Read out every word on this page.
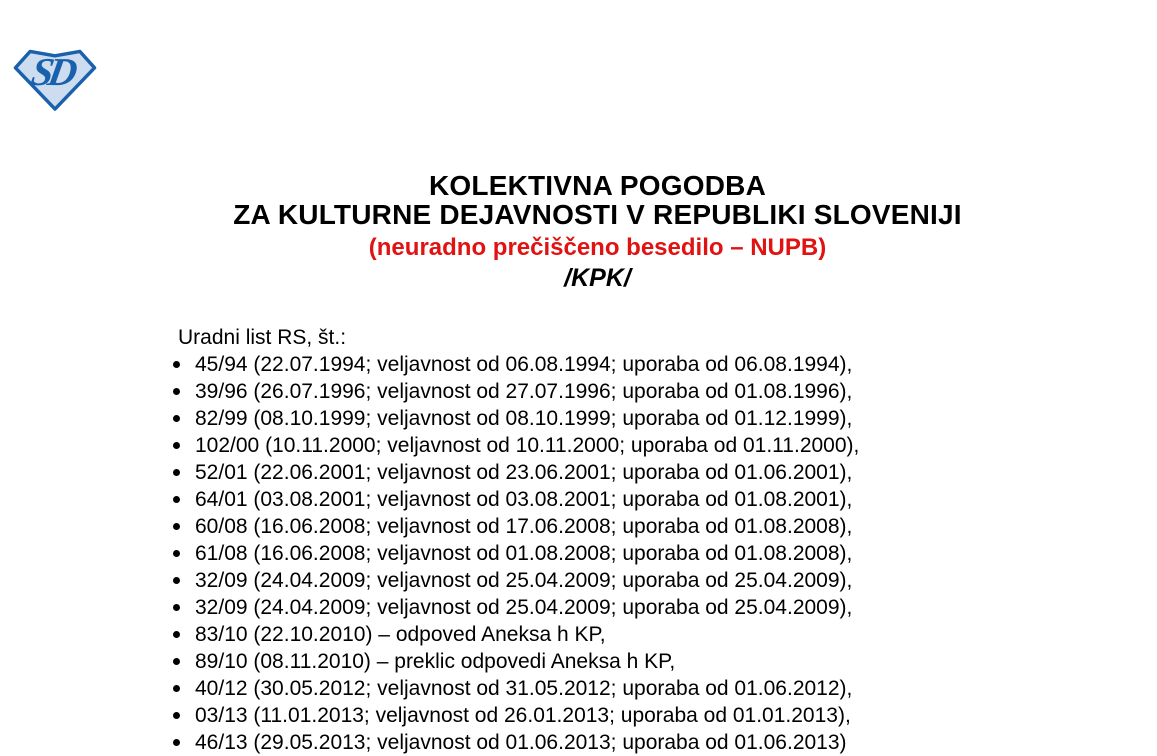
SD
KOLEKTIVNA POGODBA
ZA KULTURNE DEJAVNOSTI V REPUBLIKI SLOVENIJI
(neuradno prečiščeno besedilo – NUPB)
/KPK/
Uradni list RS, št.:
45/94 (22.07.1994; veljavnost od 06.08.1994; uporaba od 06.08.1994),
39/96 (26.07.1996; veljavnost od 27.07.1996; uporaba od 01.08.1996),
82/99 (08.10.1999; veljavnost od 08.10.1999; uporaba od 01.12.1999),
102/00 (10.11.2000; veljavnost od 10.11.2000; uporaba od 01.11.2000),
52/01 (22.06.2001; veljavnost od 23.06.2001; uporaba od 01.06.2001),
64/01 (03.08.2001; veljavnost od 03.08.2001; uporaba od 01.08.2001),
60/08 (16.06.2008; veljavnost od 17.06.2008; uporaba od 01.08.2008),
61/08 (16.06.2008; veljavnost od 01.08.2008; uporaba od 01.08.2008),
32/09 (24.04.2009; veljavnost od 25.04.2009; uporaba od 25.04.2009),
32/09 (24.04.2009; veljavnost od 25.04.2009; uporaba od 25.04.2009),
83/10 (22.10.2010) – odpoved Aneksa h KP,
89/10 (08.11.2010) – preklic odpovedi Aneksa h KP,
40/12 (30.05.2012; veljavnost od 31.05.2012; uporaba od 01.06.2012),
03/13 (11.01.2013; veljavnost od 26.01.2013; uporaba od 01.01.2013),
46/13 (29.05.2013; veljavnost od 01.06.2013; uporaba od 01.06.2013)
